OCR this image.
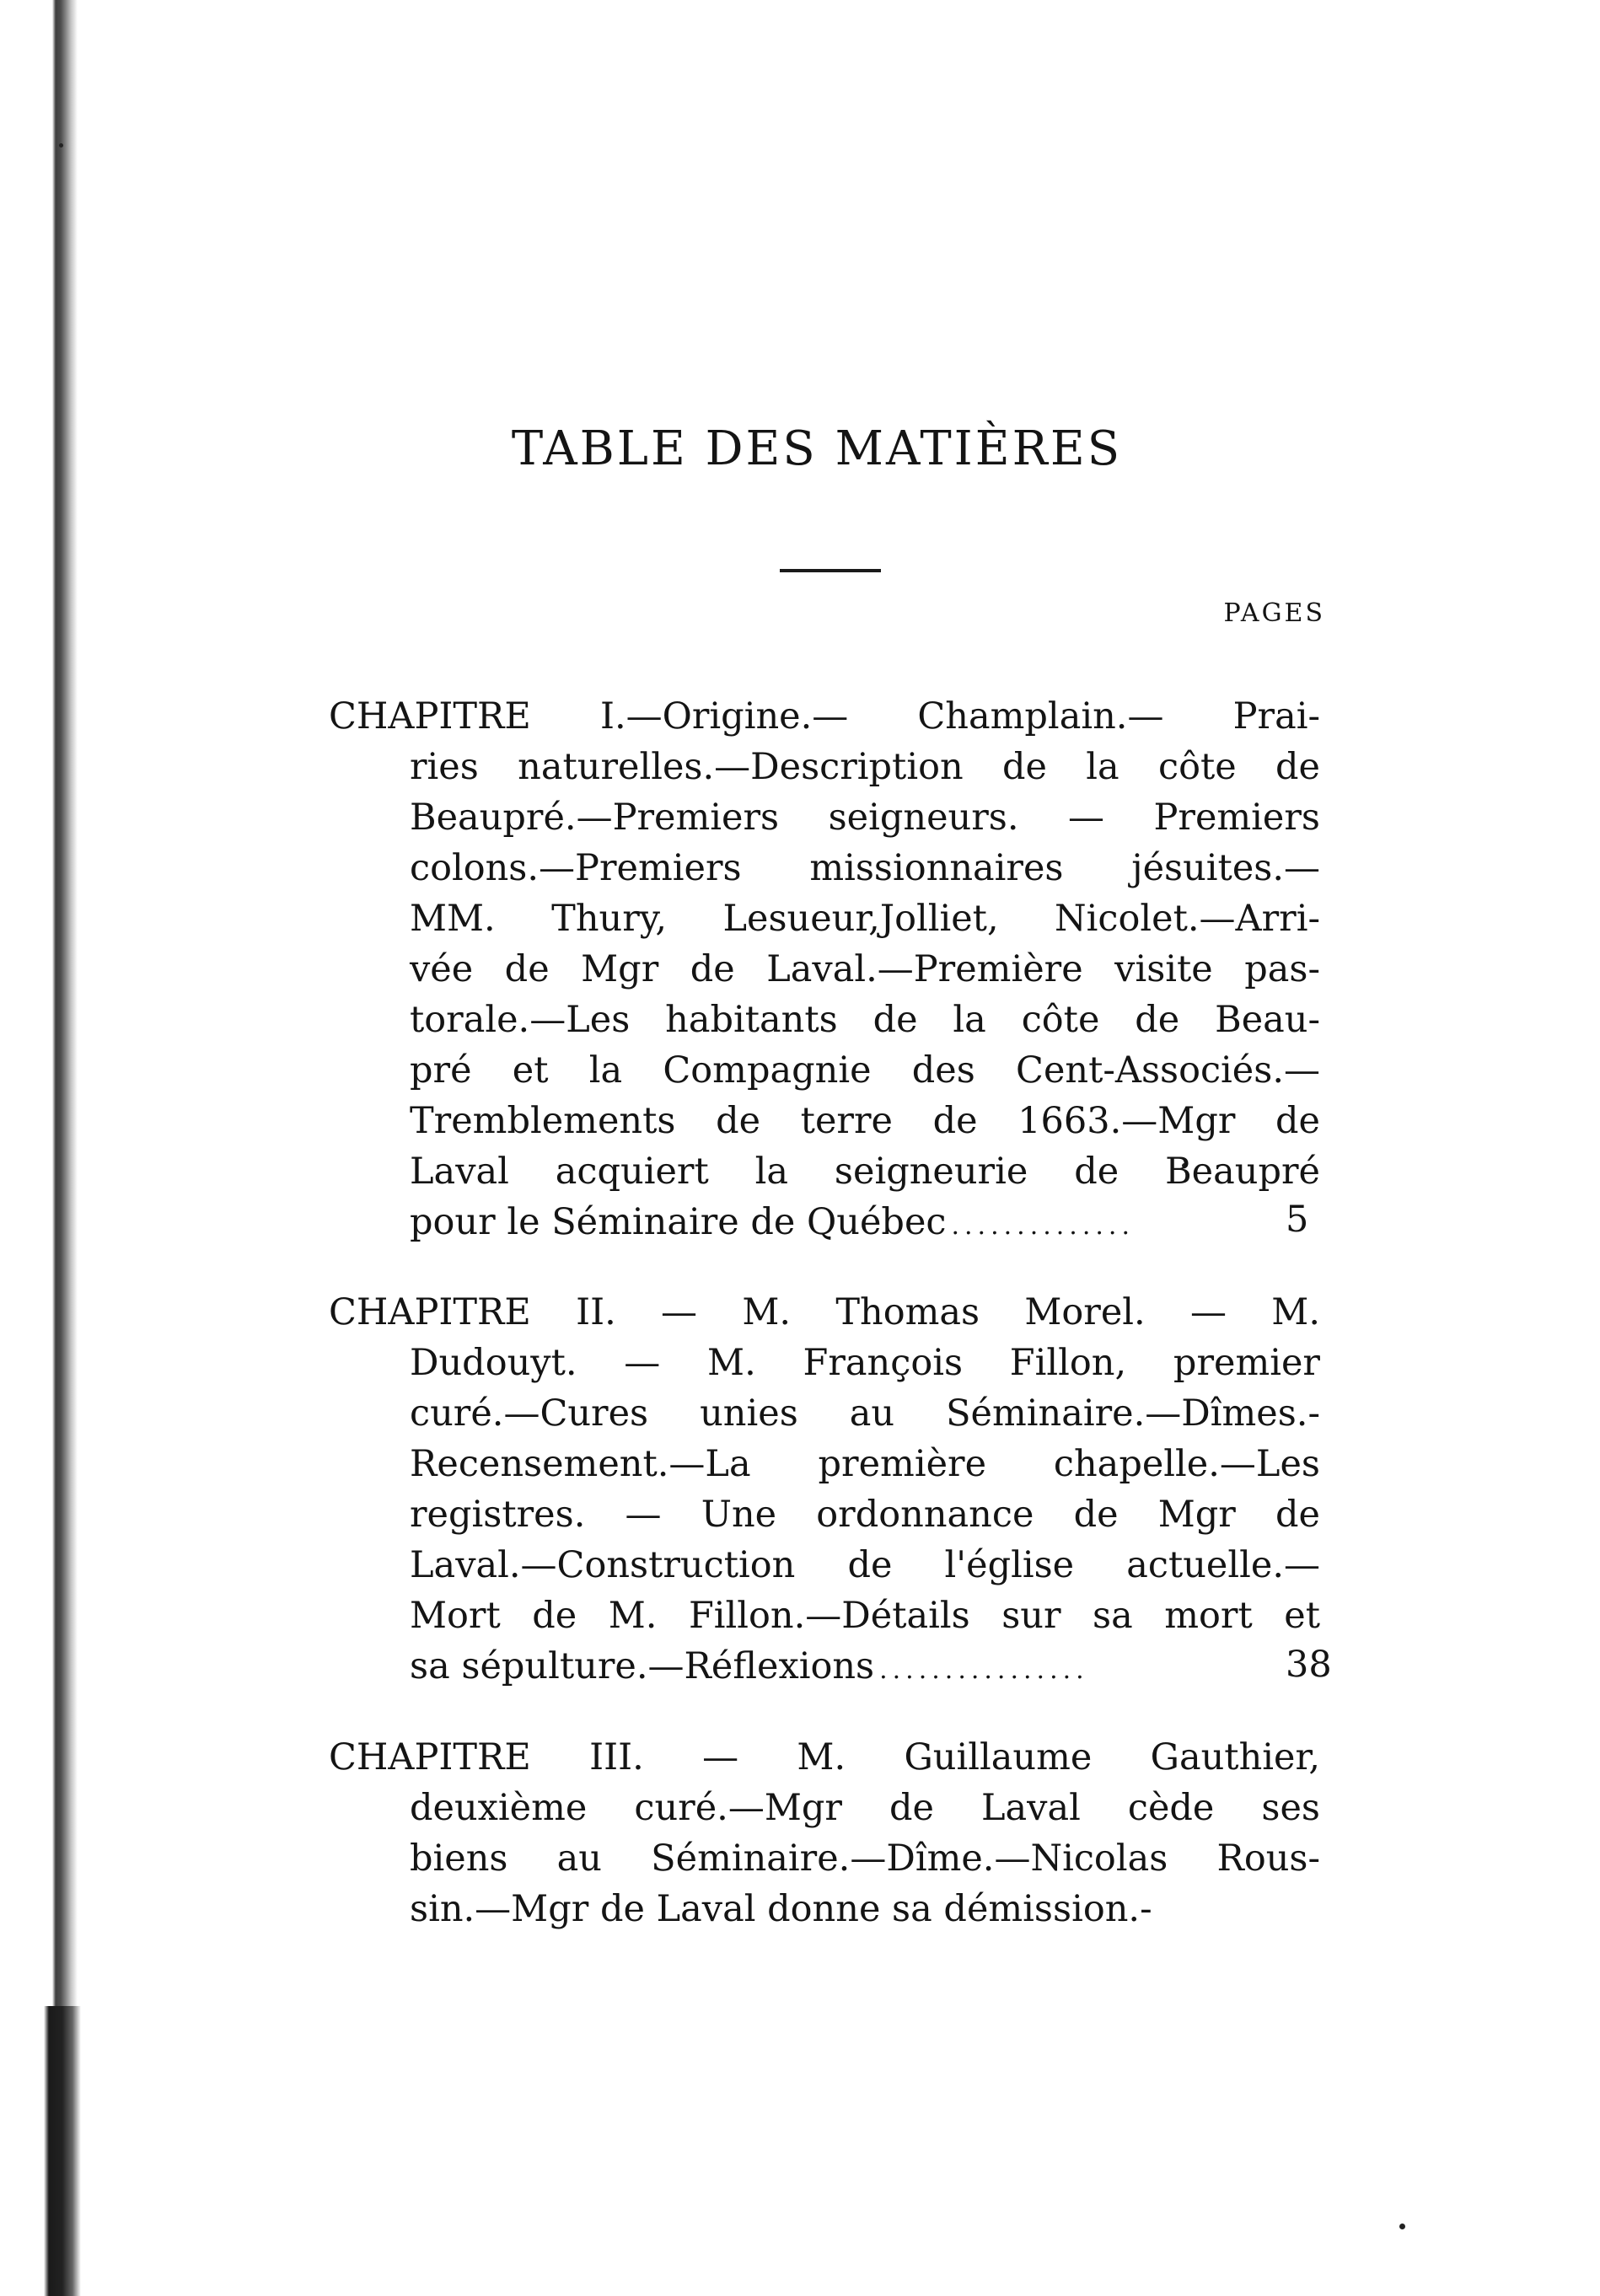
TABLE DES MATIÈRES
PAGES
CHAPITRE I.—Origine.— Champlain.— Prai-
ries naturelles.—Description de la côte de
Beaupré.—Premiers seigneurs. — Premiers
colons.—Premiers missionnaires jésuites.—
MM. Thury, Lesueur,Jolliet, Nicolet.—Arri-
vée de Mgr de Laval.—Première visite pas-
torale.—Les habitants de la côte de Beau-
pré et la Compagnie des Cent-Associés.—
Tremblements de terre de 1663.—Mgr de
Laval acquiert la seigneurie de Beaupré
pour le Séminaire de Québec ..............	5
CHAPITRE II. — M. Thomas Morel. — M.
Dudouyt. — M. François Fillon, premier
curé.—Cures unies au Séminaire.—Dîmes.-
Recensement.—La première chapelle.—Les
registres. — Une ordonnance de Mgr de
Laval.—Construction de l'église actuelle.—
Mort de M. Fillon.—Détails sur sa mort et
sa sépulture.—Réflexions ................	38
CHAPITRE III. — M. Guillaume Gauthier,
deuxième curé.—Mgr de Laval cède ses
biens au Séminaire.—Dîme.—Nicolas Rous-
sin.—Mgr de Laval donne sa démission.-
